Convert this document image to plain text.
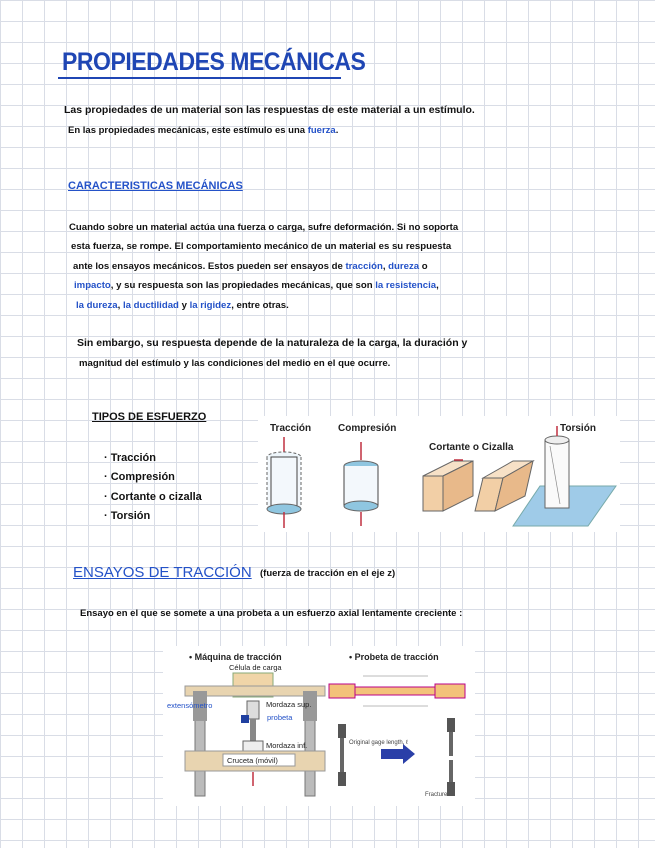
PROPIEDADES MECÁNICAS
Las propiedades de un material son las respuestas de este material a un estímulo.
En las propiedades mecánicas, este estímulo es una fuerza.
CARACTERISTICAS MECÁNICAS
Cuando sobre un material actúa una fuerza o carga, sufre deformación. Si no soporta
esta fuerza, se rompe. El comportamiento mecánico de un material es su respuesta
ante los ensayos mecánicos. Estos pueden ser ensayos de tracción, dureza o
impacto, y su respuesta son las propiedades mecánicas, que son la resistencia,
la dureza, la ductilidad y la rigidez, entre otras.
Sin embargo, su respuesta depende de la naturaleza de la carga, la duración y
magnitud del estímulo y las condiciones del medio en el que ocurre.
TIPOS DE ESFUERZO
· Tracción
· Compresión
· Cortante o cizalla
· Torsión
Tracción	Compresión
Cortante o Cizalla
Torsión
ENSAYOS DE TRACCIÓN (fuerza de tracción en el eje z)
Ensayo en el que se somete a una probeta a un esfuerzo axial lentamente creciente :
• Máquina de tracción
Célula de carga
extensómetro	Mordaza sup.
probeta
Mordaza inf.
Cruceta (móvil)
• Probeta de tracción
Original gage length, ℓ
Fracture
